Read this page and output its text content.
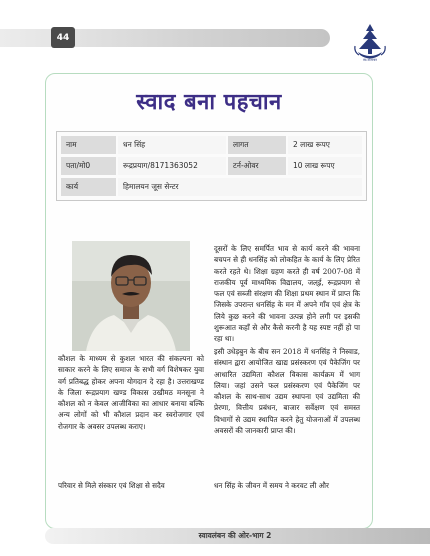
44
स्व-रोजगार
स्वाद बना पहचान
नाम	धन सिंह	लागत	2 लाख रूपए
पता/मो0	रूद्रप्रयाग/8171363052	टर्न-ओवर	10 लाख रूपए
कार्य	हिमालयन जूस सेन्टर

कौशल के माध्यम से कुशल भारत की संकल्पना को साकार करने के लिए समाज के सभी वर्ग विशेषकर युवा वर्ग प्रतिबद्ध होकर अपना योगदान दे रहा है। उत्तराखण्ड के जिला रूद्रप्रयाग खण्ड विकास उखीमठ मनसूना ने कौशल को न केवल आजीविका का आधार बनाया बल्कि अन्य लोगों को भी कौशल प्रदान कर स्वरोजगार एवं रोजगार के अवसर उपलब्ध कराए।

परिवार से मिले संस्कार एवं शिक्षा से सदैव

दूसरों के लिए समर्पित भाव से कार्य करने की भावना बचपन से ही धनसिंह को लोकहित के कार्य के लिए प्रेरित करते रहते थे। शिक्षा ग्रहण करते ही वर्ष 2007-08 में राजकीय पूर्व माध्यमिक विद्यालय, जल्ई, रूद्रप्रयाग से फल एवं सब्जी संरक्षण की शिक्षा प्रथम स्थान में प्राप्त कि जिसके उपरान्त धनसिंह के मन में अपने गाँव एवं क्षेत्र के लिये कुछ करने की भावना उत्पन्न होने लगी पर इसकी शुरूआत कहाँ से और कैसे करनी है यह स्पष्ट नहीं हो पा रहा था।

इसी उधेड़बुन के बीच सन 2018 में धनसिंह ने निस्वाड, संस्थान द्वारा आयोजित खाद्य प्रसंस्करण एवं पैकेजिंग पर आधारित उद्यमिता कौशल विकास कार्यक्रम में भाग लिया। जहां उसने फल प्रसंस्करण एवं पैकेजिंग पर कौशल के साथ-साथ उद्यम स्थापना एवं उद्यमिता की प्रेरणा, वित्तीय प्रबंधन, बाजार सर्वेक्षण एवं समस्त विभागों से उद्यम स्थापित करने हेतु योजनाओं में उपलब्ध अवसरों की जानकारी प्राप्त की।

धन सिंह के जीवन में समय ने करवट ली और

स्वावलंबन की ओर-भाग 2
